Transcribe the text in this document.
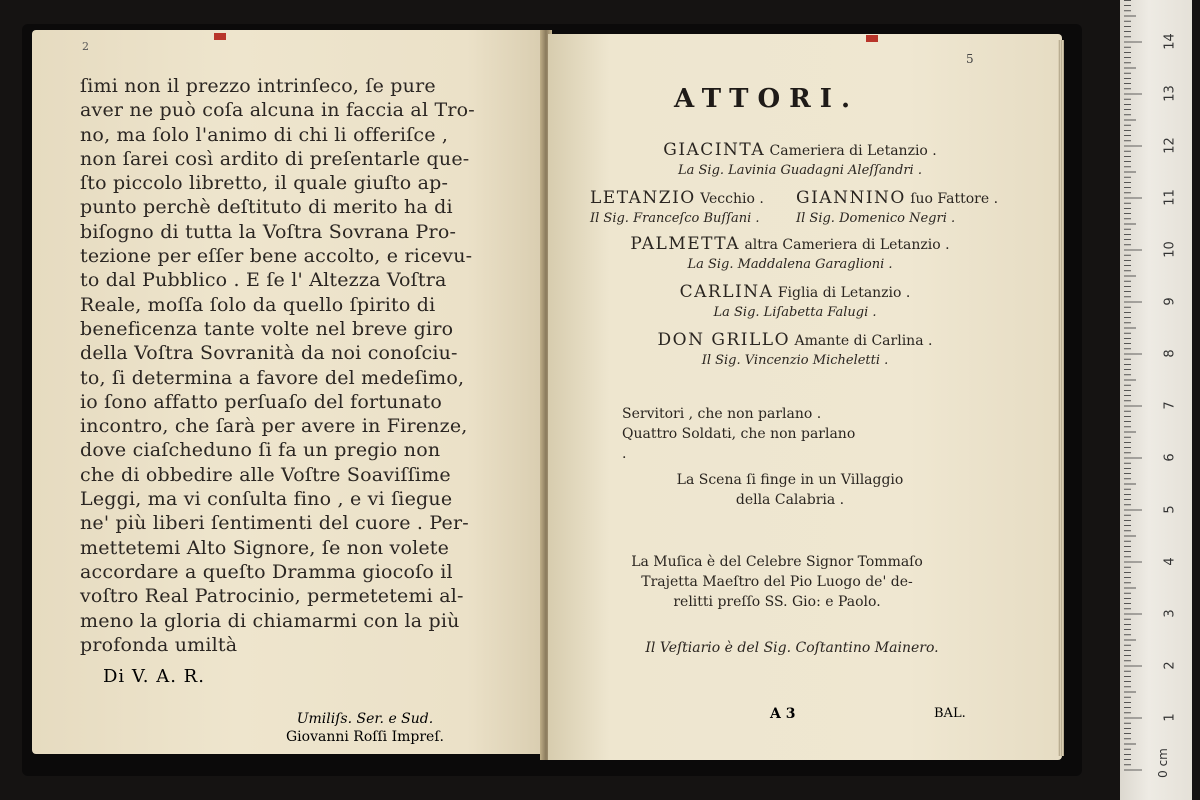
2
ſimi non il prezzo intrinſeco, ſe pure
aver ne può coſa alcuna in faccia al Tro-
no, ma ſolo l'animo di chi li offeriſce ,
non ſarei così ardito di preſentarle que-
ſto piccolo libretto, il quale giuſto ap-
punto perchè deſtituto di merito ha di
biſogno di tutta la Voſtra Sovrana Pro-
tezione per eſſer bene accolto, e ricevu-
to dal Pubblico . E ſe l' Altezza Voſtra
Reale, moſſa ſolo da quello ſpirito di
beneficenza tante volte nel breve giro
della Voſtra Sovranità da noi conoſciu-
to, ſi determina a favore del medeſimo,
io ſono affatto perſuaſo del fortunato
incontro, che ſarà per avere in Firenze,
dove ciaſcheduno ſi fa un pregio non
che di obbedire alle Voſtre Soaviſſime
Leggi, ma vi conſulta fino , e vi ſiegue
ne' più liberi ſentimenti del cuore . Per-
mettetemi Alto Signore, ſe non volete
accordare a queſto Dramma giocoſo il
voſtro Real Patrocinio, permetetemi al-
meno la gloria di chiamarmi con la più
profonda umiltà
Di V. A. R.
Umiliſs. Ser. e Sud.
Giovanni Roſſi Impreſ.
5
ATTORI.
GIACINTA Cameriera di Letanzio .
La Sig. Lavinia Guadagni Aleſſandri .
LETANZIO Vecchio .
Il Sig. Franceſco Buſſani .
GIANNINO ſuo Fattore .
Il Sig. Domenico Negri .
PALMETTA altra Cameriera di Letanzio .
La Sig. Maddalena Garaglioni .
CARLINA Figlia di Letanzio .
La Sig. Liſabetta Falugi .
DON GRILLO Amante di Carlina .
Il Sig. Vincenzio Micheletti .
Servitori , che non parlano .
Quattro Soldati, che non parlano .
La Scena ſi finge in un Villaggio
della Calabria .
La Muſica è del Celebre Signor Tommaſo
Trajetta Maeſtro del Pio Luogo de' de-
relitti preſſo SS. Gio: e Paolo.
Il Veſtiario è del Sig. Coſtantino Mainero.
A 3	BAL.	1
2
3
4
5
6
7
8
9
10
11
12
13
14
0 cm
